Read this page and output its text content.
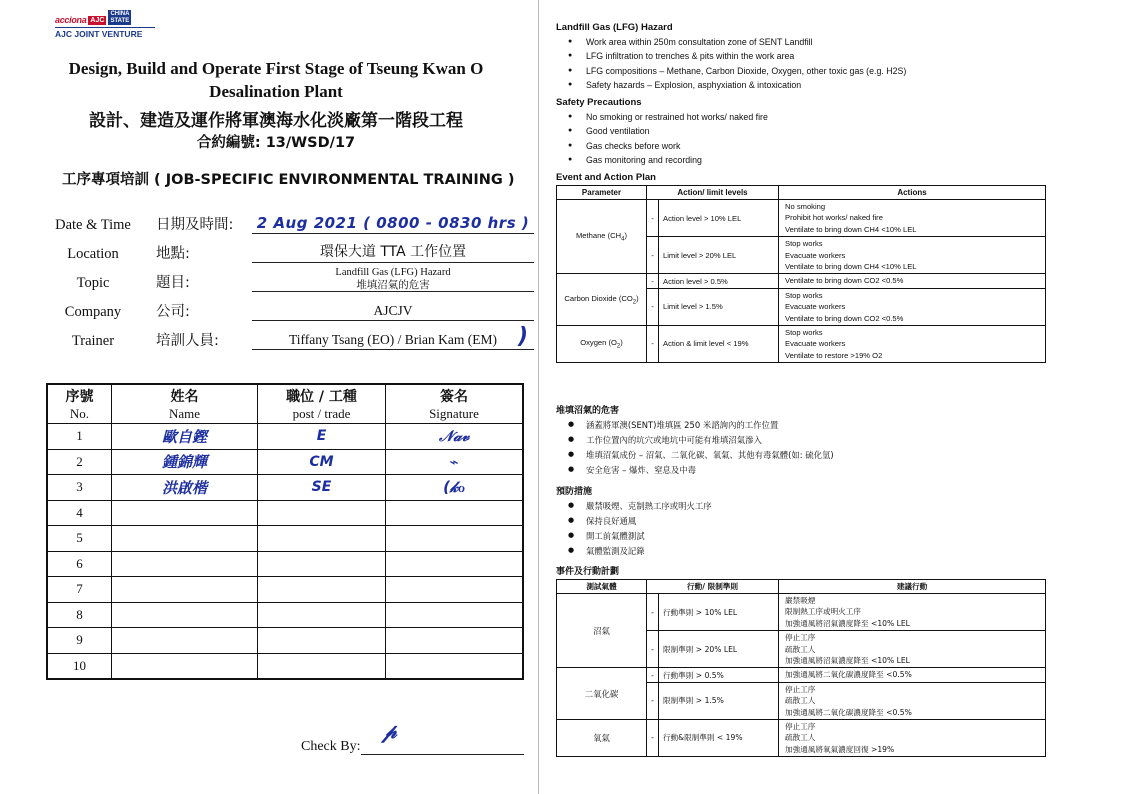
acciona AJC
CHINA
STATE
AJC JOINT VENTURE
Design, Build and Operate First Stage of Tseung Kwan O
Desalination Plant
設計、建造及運作將軍澳海水化淡廠第一階段工程
合約編號: 13/WSD/17
工序專項培訓 ( JOB-SPECIFIC ENVIRONMENTAL TRAINING )
Date & Time	日期及時間:	2 Aug 2021 ( 0800 - 0830 hrs )
Location	地點:	環保大道 TTA 工作位置
Topic	題目:
Landfill Gas (LFG) Hazard
堆填沼氣的危害
Company	公司:	AJCJV
Trainer	培訓人員:	Tiffany Tsang (EO) / Brian Kam (EM) )
序號
No.

姓名
Name

職位 / 工種
post / trade

簽名
Signature

1	歐自鏗	E	𝒩𝒶𝓋
2	鍾錦輝	CM	⌁
3	洪啟楷	SE	(𝓀ℴ
4			
5			
6			
7			
8			
9			
10			
Check By:
𝓅
Landfill Gas (LFG) Hazard
● Work area within 250m consultation zone of SENT Landfill
● LFG infiltration to trenches & pits within the work area
● LFG compositions – Methane, Carbon Dioxide, Oxygen, other toxic gas (e.g. H2S)
● Safety hazards – Explosion, asphyxiation & intoxication
Safety Precautions
● No smoking or restrained hot works/ naked fire
● Good ventilation
● Gas checks before work
● Gas monitoring and recording
Event and Action Plan
Parameter	Action/ limit levels		Actions
Methane $(CH_4)$	-	Action level > 10% LEL	No smoking
Prohibit hot works/ naked fire
Ventilate to bring down CH4 <10% LEL

	-	Limit level > 20% LEL	Stop works
Evacuate workers
Ventilate to bring down CH4 <10% LEL

Carbon Dioxide $(CO_2)$	-	Action level > 0.5%	Ventilate to bring down CO2 <0.5%

	-	Limit level > 1.5%	Stop works
Evacuate workers
Ventilate to bring down CO2 <0.5%

Oxygen $(O_2)$	-	Action & limit level < 19%	Stop works
Evacuate workers
Ventilate to restore >19% O2
堆填沼氣的危害
● 涵蓋將軍澳(SENT)堆填區 250 米諮詢內的工作位置
● 工作位置內的坑穴或地坑中可能有堆填沼氣滲入
● 堆填沼氣成份 – 沼氣、二氧化碳、氧氣、其他有毒氣體(如: 硫化氫)
● 安全危害 – 爆炸、窒息及中毒
預防措施
● 嚴禁吸煙、克制熱工序或明火工序
● 保持良好通風
● 開工前氣體測試
● 氣體監測及記錄
事件及行動計劃
測試氣體	行動/ 限制準則		建議行動
沼氣	-	行動準則 > 10% LEL	嚴禁吸煙
限制熱工序或明火工序
加強通風將沼氣濃度降至 <10% LEL

	-	限制準則 > 20% LEL	停止工序
疏散工人
加強通風將沼氣濃度降至 <10% LEL

二氧化碳	-	行動準則 > 0.5%	加強通風將二氧化碳濃度降至 <0.5%

	-	限制準則 > 1.5%	停止工序
疏散工人
加強通風將二氧化碳濃度降至 <0.5%

氧氣	-	行動&限制準則 < 19%	停止工序
疏散工人
加強通風將氧氣濃度回復 >19%
